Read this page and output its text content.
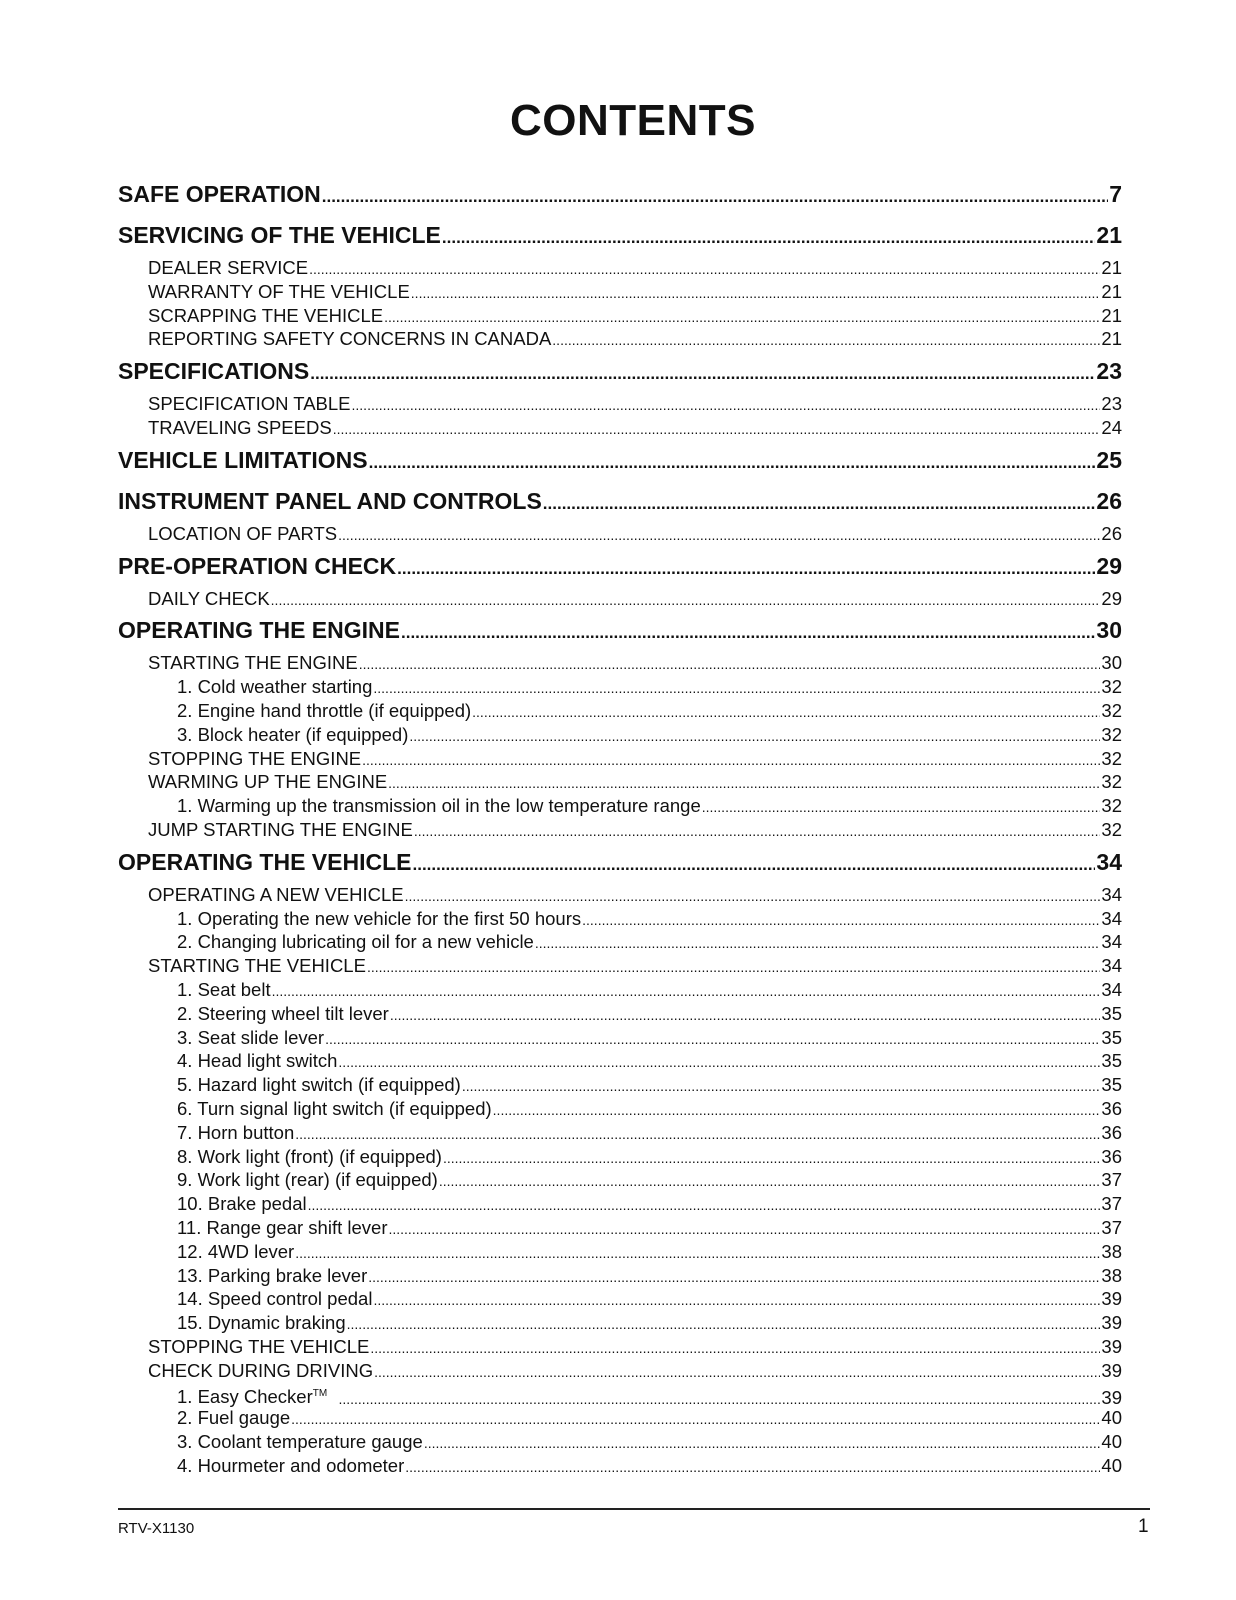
CONTENTS
SAFE OPERATION .....	7
SERVICING OF THE VEHICLE .....	21
DEALER SERVICE .....	21
WARRANTY OF THE VEHICLE .....	21
SCRAPPING THE VEHICLE .....	21
REPORTING SAFETY CONCERNS IN CANADA .....	21
SPECIFICATIONS .....	23
SPECIFICATION TABLE .....	23
TRAVELING SPEEDS .....	24
VEHICLE LIMITATIONS .....	25
INSTRUMENT PANEL AND CONTROLS .....	26
LOCATION OF PARTS .....	26
PRE-OPERATION CHECK .....	29
DAILY CHECK .....	29
OPERATING THE ENGINE .....	30
STARTING THE ENGINE .....	30
1. Cold weather starting .....	32
2. Engine hand throttle (if equipped) .....	32
3. Block heater (if equipped) .....	32
STOPPING THE ENGINE .....	32
WARMING UP THE ENGINE .....	32
1. Warming up the transmission oil in the low temperature range .....	32
JUMP STARTING THE ENGINE .....	32
OPERATING THE VEHICLE .....	34
OPERATING A NEW VEHICLE .....	34
1. Operating the new vehicle for the first 50 hours .....	34
2. Changing lubricating oil for a new vehicle .....	34
STARTING THE VEHICLE .....	34
1. Seat belt .....	34
2. Steering wheel tilt lever .....	35
3. Seat slide lever .....	35
4. Head light switch .....	35
5. Hazard light switch (if equipped) .....	35
6. Turn signal light switch (if equipped) .....	36
7. Horn button .....	36
8. Work light (front) (if equipped) .....	36
9. Work light (rear) (if equipped) .....	37
10. Brake pedal .....	37
11. Range gear shift lever .....	37
12. 4WD lever .....	38
13. Parking brake lever .....	38
14. Speed control pedal .....	39
15. Dynamic braking .....	39
STOPPING THE VEHICLE .....	39
CHECK DURING DRIVING .....	39
1. Easy Checker™ .....	39
2. Fuel gauge .....	40
3. Coolant temperature gauge .....	40
4. Hourmeter and odometer .....	40
RTV-X1130	1
